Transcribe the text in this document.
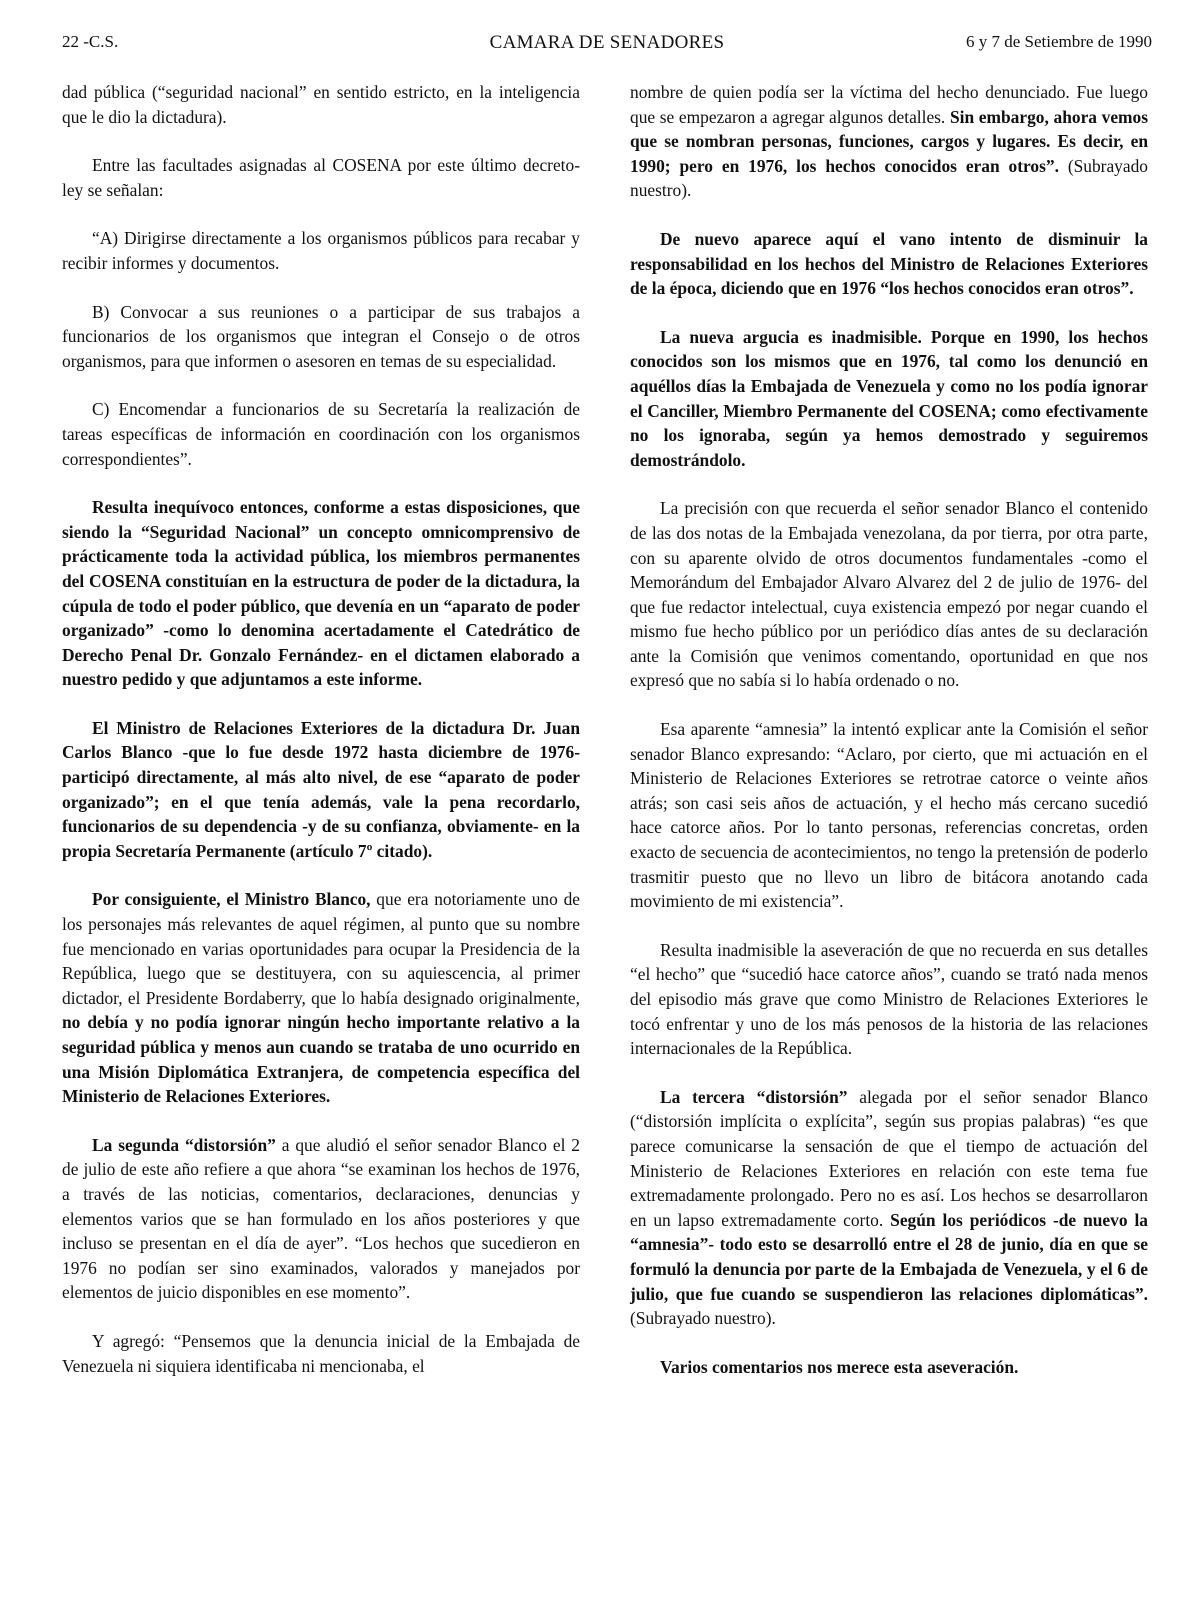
22 -C.S.	CAMARA DE SENADORES	6 y 7 de Setiembre de 1990

dad pública (“seguridad nacional” en sentido estricto, en la inteligencia que le dio la dictadura).

Entre las facultades asignadas al COSENA por este último decreto-ley se señalan:

“A) Dirigirse directamente a los organismos públicos para recabar y recibir informes y documentos.

B) Convocar a sus reuniones o a participar de sus trabajos a funcionarios de los organismos que integran el Consejo o de otros organismos, para que informen o asesoren en temas de su especialidad.

C) Encomendar a funcionarios de su Secretaría la realización de tareas específicas de información en coordinación con los organismos correspondientes”.

Resulta inequívoco entonces, conforme a estas disposiciones, que siendo la “Seguridad Nacional” un concepto omnicomprensivo de prácticamente toda la actividad pública, los miembros permanentes del COSENA constituían en la estructura de poder de la dictadura, la cúpula de todo el poder público, que devenía en un “aparato de poder organizado” -como lo denomina acertadamente el Catedrático de Derecho Penal Dr. Gonzalo Fernández- en el dictamen elaborado a nuestro pedido y que adjuntamos a este informe.

El Ministro de Relaciones Exteriores de la dictadura Dr. Juan Carlos Blanco -que lo fue desde 1972 hasta diciembre de 1976- participó directamente, al más alto nivel, de ese “aparato de poder organizado”; en el que tenía además, vale la pena recordarlo, funcionarios de su dependencia -y de su confianza, obviamente- en la propia Secretaría Permanente (artículo 7º citado).

Por consiguiente, el Ministro Blanco, que era notoriamente uno de los personajes más relevantes de aquel régimen, al punto que su nombre fue mencionado en varias oportunidades para ocupar la Presidencia de la República, luego que se destituyera, con su aquiescencia, al primer dictador, el Presidente Bordaberry, que lo había designado originalmente, no debía y no podía ignorar ningún hecho importante relativo a la seguridad pública y menos aun cuando se trataba de uno ocurrido en una Misión Diplomática Extranjera, de competencia específica del Ministerio de Relaciones Exteriores.

La segunda “distorsión” a que aludió el señor senador Blanco el 2 de julio de este año refiere a que ahora “se examinan los hechos de 1976, a través de las noticias, comentarios, declaraciones, denuncias y elementos varios que se han formulado en los años posteriores y que incluso se presentan en el día de ayer”. “Los hechos que sucedieron en 1976 no podían ser sino examinados, valorados y manejados por elementos de juicio disponibles en ese momento”.

Y agregó: “Pensemos que la denuncia inicial de la Embajada de Venezuela ni siquiera identificaba ni mencionaba, el

nombre de quien podía ser la víctima del hecho denunciado. Fue luego que se empezaron a agregar algunos detalles. Sin embargo, ahora vemos que se nombran personas, funciones, cargos y lugares. Es decir, en 1990; pero en 1976, los hechos conocidos eran otros”. (Subrayado nuestro).

De nuevo aparece aquí el vano intento de disminuir la responsabilidad en los hechos del Ministro de Relaciones Exteriores de la época, diciendo que en 1976 “los hechos conocidos eran otros”.

La nueva argucia es inadmisible. Porque en 1990, los hechos conocidos son los mismos que en 1976, tal como los denunció en aquéllos días la Embajada de Venezuela y como no los podía ignorar el Canciller, Miembro Permanente del COSENA; como efectivamente no los ignoraba, según ya hemos demostrado y seguiremos demostrándolo.

La precisión con que recuerda el señor senador Blanco el contenido de las dos notas de la Embajada venezolana, da por tierra, por otra parte, con su aparente olvido de otros documentos fundamentales -como el Memorándum del Embajador Alvaro Alvarez del 2 de julio de 1976- del que fue redactor intelectual, cuya existencia empezó por negar cuando el mismo fue hecho público por un periódico días antes de su declaración ante la Comisión que venimos comentando, oportunidad en que nos expresó que no sabía si lo había ordenado o no.

Esa aparente “amnesia” la intentó explicar ante la Comisión el señor senador Blanco expresando: “Aclaro, por cierto, que mi actuación en el Ministerio de Relaciones Exteriores se retrotrae catorce o veinte años atrás; son casi seis años de actuación, y el hecho más cercano sucedió hace catorce años. Por lo tanto personas, referencias concretas, orden exacto de secuencia de acontecimientos, no tengo la pretensión de poderlo trasmitir puesto que no llevo un libro de bitácora anotando cada movimiento de mi existencia”.

Resulta inadmisible la aseveración de que no recuerda en sus detalles “el hecho” que “sucedió hace catorce años”, cuando se trató nada menos del episodio más grave que como Ministro de Relaciones Exteriores le tocó enfrentar y uno de los más penosos de la historia de las relaciones internacionales de la República.

La tercera “distorsión” alegada por el señor senador Blanco (“distorsión implícita o explícita”, según sus propias palabras) “es que parece comunicarse la sensación de que el tiempo de actuación del Ministerio de Relaciones Exteriores en relación con este tema fue extremadamente prolongado. Pero no es así. Los hechos se desarrollaron en un lapso extremadamente corto. Según los periódicos -de nuevo la “amnesia”- todo esto se desarrolló entre el 28 de junio, día en que se formuló la denuncia por parte de la Embajada de Venezuela, y el 6 de julio, que fue cuando se suspendieron las relaciones diplomáticas”. (Subrayado nuestro).

Varios comentarios nos merece esta aseveración.
